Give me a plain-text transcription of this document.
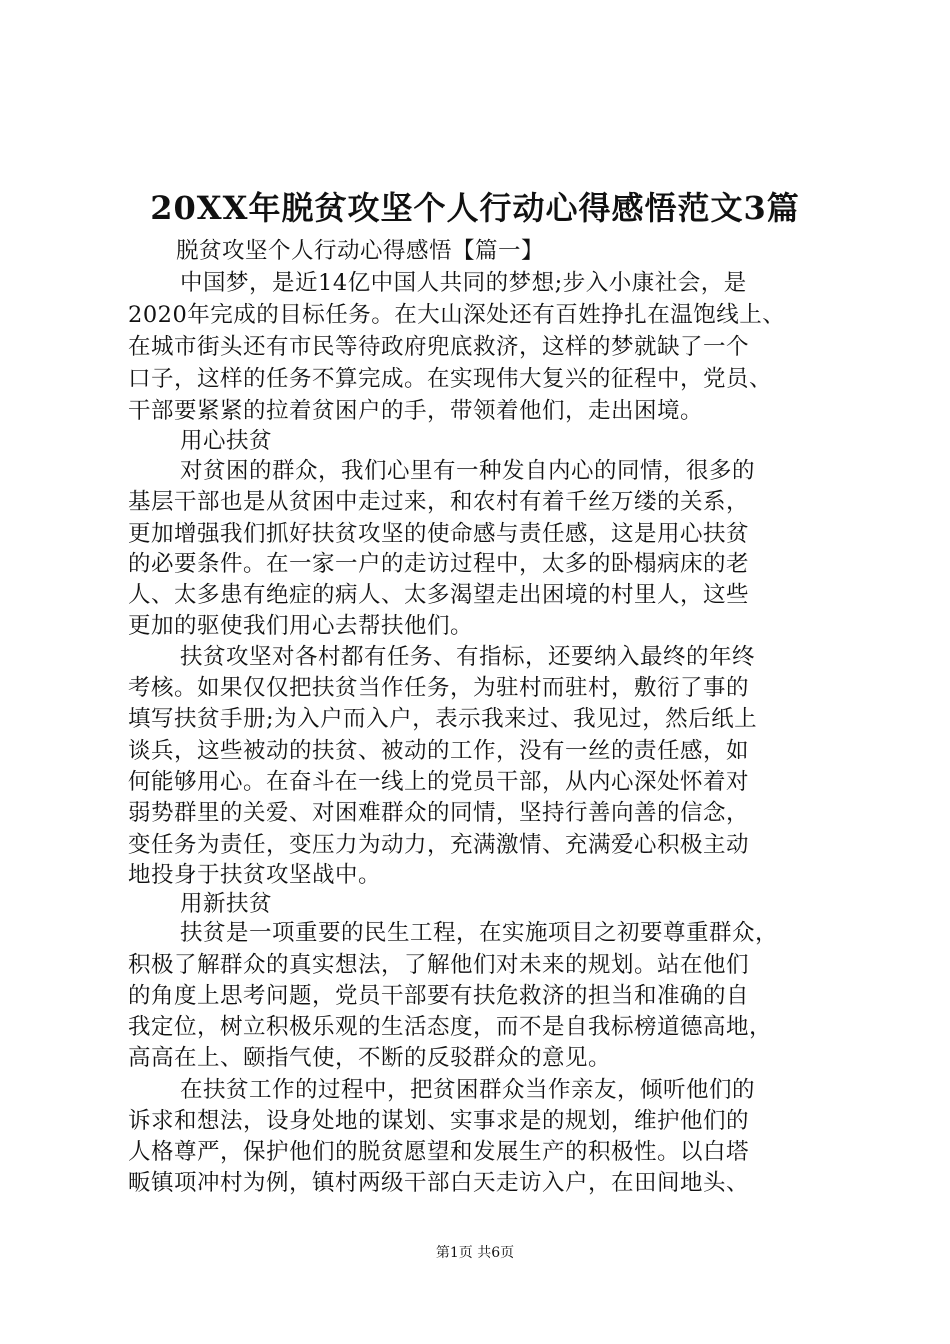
20XX年脱贫攻坚个人行动心得感悟范文3篇
脱贫攻坚个人行动心得感悟【篇一】
中国梦，是近14亿中国人共同的梦想;步入小康社会，是
2020年完成的目标任务。在大山深处还有百姓挣扎在温饱线上、
在城市街头还有市民等待政府兜底救济，这样的梦就缺了一个
口子，这样的任务不算完成。在实现伟大复兴的征程中，党员、
干部要紧紧的拉着贫困户的手，带领着他们，走出困境。
用心扶贫
对贫困的群众，我们心里有一种发自内心的同情，很多的
基层干部也是从贫困中走过来，和农村有着千丝万缕的关系，
更加增强我们抓好扶贫攻坚的使命感与责任感，这是用心扶贫
的必要条件。在一家一户的走访过程中，太多的卧榻病床的老
人、太多患有绝症的病人、太多渴望走出困境的村里人，这些
更加的驱使我们用心去帮扶他们。
扶贫攻坚对各村都有任务、有指标，还要纳入最终的年终
考核。如果仅仅把扶贫当作任务，为驻村而驻村，敷衍了事的
填写扶贫手册;为入户而入户，表示我来过、我见过，然后纸上
谈兵，这些被动的扶贫、被动的工作，没有一丝的责任感，如
何能够用心。在奋斗在一线上的党员干部，从内心深处怀着对
弱势群里的关爱、对困难群众的同情，坚持行善向善的信念，
变任务为责任，变压力为动力，充满激情、充满爱心积极主动
地投身于扶贫攻坚战中。
用新扶贫
扶贫是一项重要的民生工程，在实施项目之初要尊重群众，
积极了解群众的真实想法，了解他们对未来的规划。站在他们
的角度上思考问题，党员干部要有扶危救济的担当和准确的自
我定位，树立积极乐观的生活态度，而不是自我标榜道德高地，
高高在上、颐指气使，不断的反驳群众的意见。
在扶贫工作的过程中，把贫困群众当作亲友，倾听他们的
诉求和想法，设身处地的谋划、实事求是的规划，维护他们的
人格尊严，保护他们的脱贫愿望和发展生产的积极性。以白塔
畈镇项冲村为例，镇村两级干部白天走访入户，在田间地头、
第1页 共6页
